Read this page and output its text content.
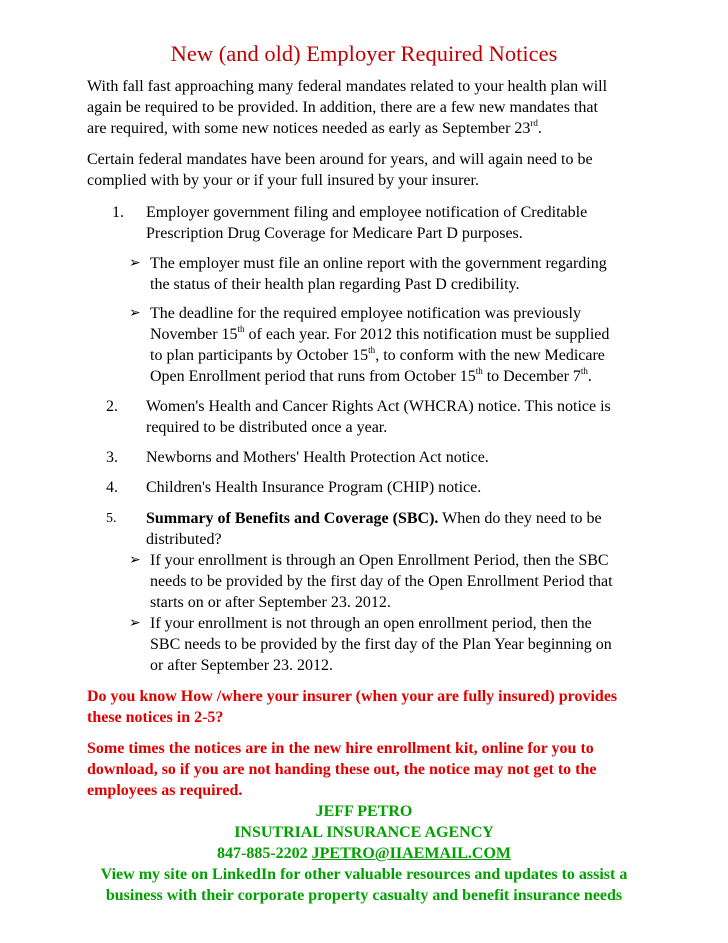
New (and old) Employer Required Notices
With fall fast approaching many federal mandates related to your health plan will
again be required to be provided. In addition, there are a few new mandates that
are required, with some new notices needed as early as September 23rd.
Certain federal mandates have been around for years, and will again need to be
complied with by your or if your full insured by your insurer.
1. Employer government filing and employee notification of Creditable
Prescription Drug Coverage for Medicare Part D purposes.
➢ The employer must file an online report with the government regarding
the status of their health plan regarding Past D credibility.
➢ The deadline for the required employee notification was previously
November 15th of each year. For 2012 this notification must be supplied
to plan participants by October 15th, to conform with the new Medicare
Open Enrollment period that runs from October 15th to December 7th.
2. Women's Health and Cancer Rights Act (WHCRA) notice. This notice is
required to be distributed once a year.
3. Newborns and Mothers' Health Protection Act notice.
4. Children's Health Insurance Program (CHIP) notice.
5. Summary of Benefits and Coverage (SBC). When do they need to be
distributed?
➢ If your enrollment is through an Open Enrollment Period, then the SBC
needs to be provided by the first day of the Open Enrollment Period that
starts on or after September 23. 2012.
➢ If your enrollment is not through an open enrollment period, then the
SBC needs to be provided by the first day of the Plan Year beginning on
or after September 23. 2012.
Do you know How /where your insurer (when your are fully insured) provides
these notices in 2-5?
Some times the notices are in the new hire enrollment kit, online for you to
download, so if you are not handing these out, the notice may not get to the
employees as required.
JEFF PETRO
INSUTRIAL INSURANCE AGENCY
847-885-2202 JPETRO@IIAEMAIL.COM
View my site on LinkedIn for other valuable resources and updates to assist a
business with their corporate property casualty and benefit insurance needs
